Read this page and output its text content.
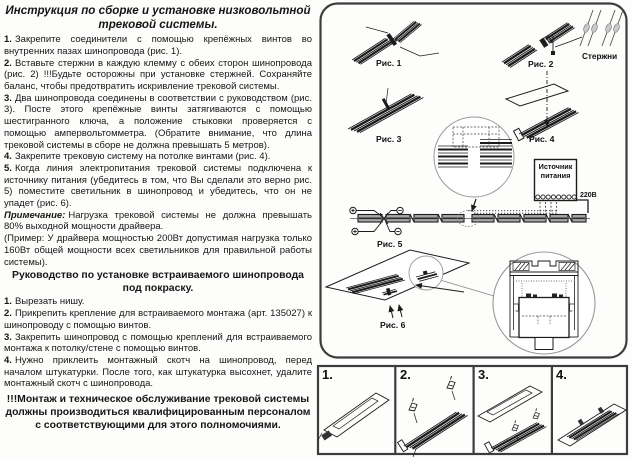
Инструкция по сборке и установке низковольтной трековой системы.

1. Закрепите соединители с помощью крепёжных винтов во внутренних пазах шинопровода (рис. 1).

2. Вставьте стержни в каждую клемму с обеих сторон шинопровода (рис. 2) !!!Будьте осторожны при установке стержней. Сохраняйте баланс, чтобы предотвратить искривление трековой системы.

3. Два шинопровода соединены в соответствии с руководством (рис. 3). Посте этого крепёжные винты затягиваются с помощью шестигранного ключа, а положение стыковки проверяется с помощью ампервольтомметра. (Обратите внимание, что длина трековой системы в сборе не должна превышать 5 метров).

4. Закрепите трековую систему на потолке винтами (рис. 4).

5. Когда линия электропитания трековой системы подключена к источнику питания (убедитесь в том, что Вы сделали это верно рис. 5) поместите светильник в шинопровод и убедитесь, что он не упадет (рис. 6).

Примечание: Нагрузка трековой системы не должна превышать 80% выходной мощности драйвера.

(Пример: У драйвера мощностью 200Вт допустимая нагрузка только 160Вт общей мощности всех светильников для правильной работы системы).

Руководство по установке встраиваемого шинопровода под покраску.

1. Вырезать нишу.

2. Прикрепить крепление для встраиваемого монтажа (арт. 135027) к шинопроводу с помощью винтов.

3. Закрепить шинопровод с помощью креплений для встраиваемого монтажа к потолку/стене с помощью винтов.

4. Нужно приклеить монтажный скотч на шинопровод, перед началом штукатурки. После того, как штукатурка высохнет, удалите монтажный скотч с шинопровода.

!!!Монтаж и техническое обслуживание трековой системы должны производиться квалифицированным персоналом с соответствующими для этого полномочиями.

Рис. 1	Рис. 2
Стержни
Рис. 3	Рис. 4
Рис. 5
Рис. 6
Источник
питания
220В
1.	2.	3.	4.
